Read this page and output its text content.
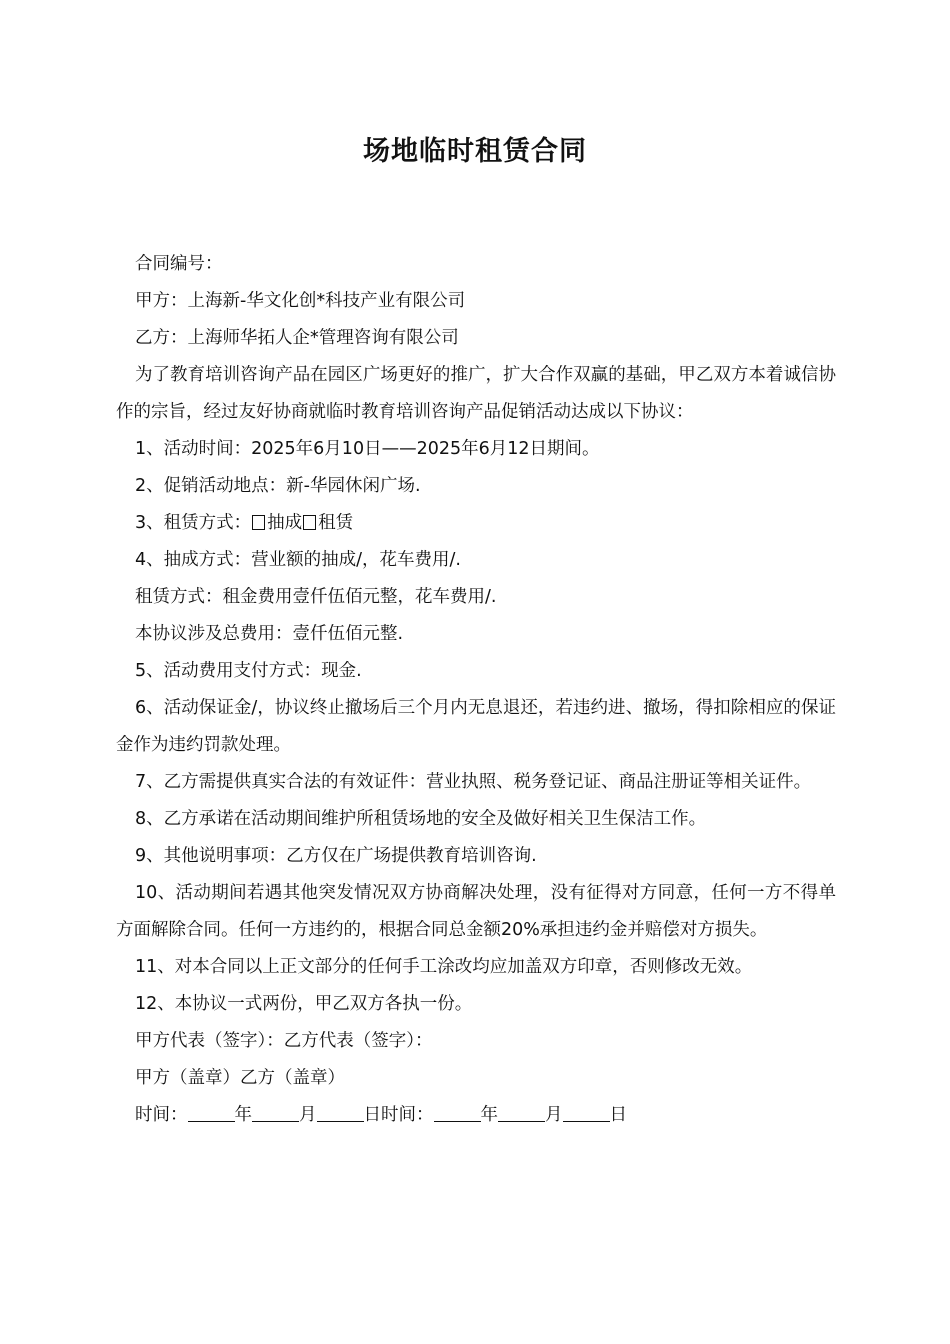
场地临时租赁合同

合同编号：

甲方：上海新-华文化创*科技产业有限公司

乙方：上海师华拓人企*管理咨询有限公司

为了教育培训咨询产品在园区广场更好的推广，扩大合作双赢的基础，甲乙双方本着诚信协作的宗旨，经过友好协商就临时教育培训咨询产品促销活动达成以下协议：

1、活动时间：2025年6月10日——2025年6月12日期间。

2、促销活动地点：新-华园休闲广场.

3、租赁方式： 抽成 租赁

4、抽成方式：营业额的抽成/，花车费用/.

租赁方式：租金费用壹仟伍佰元整，花车费用/.

本协议涉及总费用：壹仟伍佰元整.

5、活动费用支付方式：现金.

6、活动保证金/，协议终止撤场后三个月内无息退还，若违约进、撤场，得扣除相应的保证金作为违约罚款处理。

7、乙方需提供真实合法的有效证件：营业执照、税务登记证、商品注册证等相关证件。

8、乙方承诺在活动期间维护所租赁场地的安全及做好相关卫生保洁工作。

9、其他说明事项：乙方仅在广场提供教育培训咨询.

10、活动期间若遇其他突发情况双方协商解决处理，没有征得对方同意，任何一方不得单方面解除合同。任何一方违约的，根据合同总金额20%承担违约金并赔偿对方损失。

11、对本合同以上正文部分的任何手工涂改均应加盖双方印章，否则修改无效。

12、本协议一式两份，甲乙双方各执一份。

甲方代表（签字）：乙方代表（签字）：

甲方（盖章）乙方（盖章）

时间：	年	月	日时间：	年	月	日
